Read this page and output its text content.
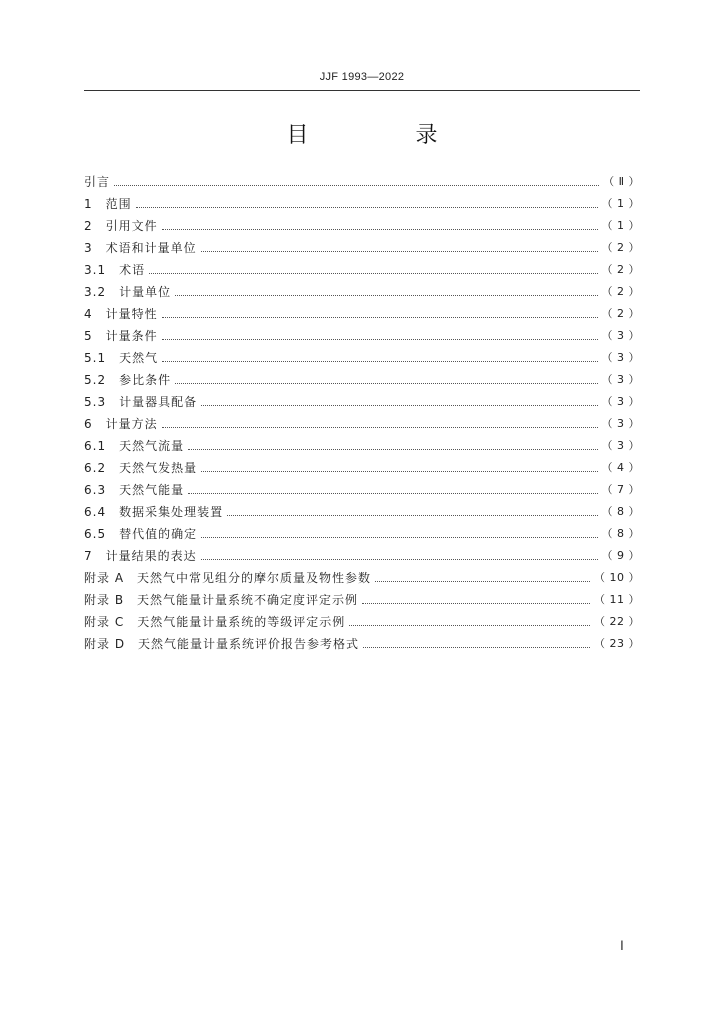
JJF 1993—2022
目 录
引言	（ Ⅱ ）
1　范围	（ 1 ）
2　引用文件	（ 1 ）
3　术语和计量单位	（ 2 ）
3.1　术语	（ 2 ）
3.2　计量单位	（ 2 ）
4　计量特性	（ 2 ）
5　计量条件	（ 3 ）
5.1　天然气	（ 3 ）
5.2　参比条件	（ 3 ）
5.3　计量器具配备	（ 3 ）
6　计量方法	（ 3 ）
6.1　天然气流量	（ 3 ）
6.2　天然气发热量	（ 4 ）
6.3　天然气能量	（ 7 ）
6.4　数据采集处理装置	（ 8 ）
6.5　替代值的确定	（ 8 ）
7　计量结果的表达	（ 9 ）
附录 A　天然气中常见组分的摩尔质量及物性参数	（ 10 ）
附录 B　天然气能量计量系统不确定度评定示例	（ 11 ）
附录 C　天然气能量计量系统的等级评定示例	（ 22 ）
附录 D　天然气能量计量系统评价报告参考格式	（ 23 ）
Ⅰ
